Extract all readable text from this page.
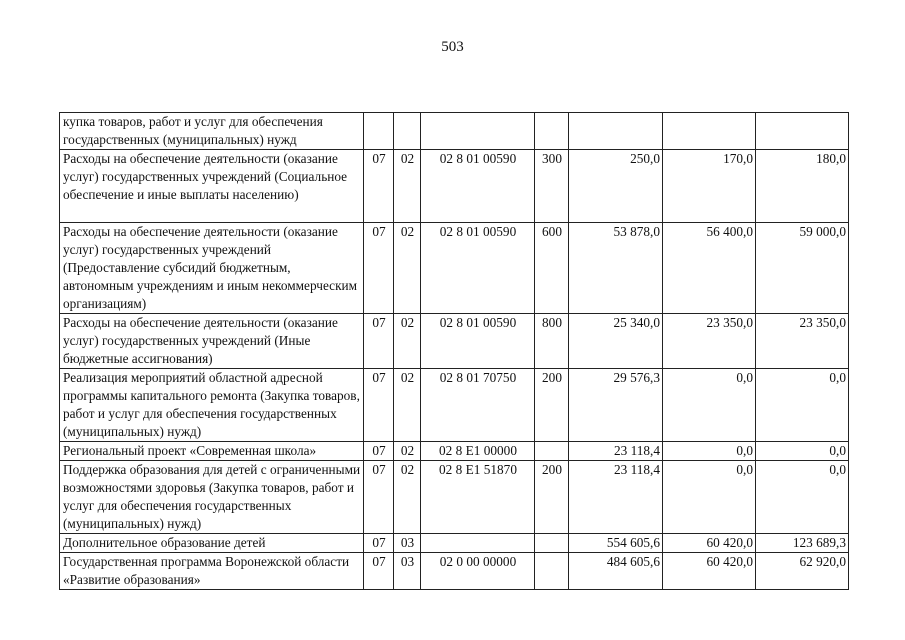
503
купка товаров, работ и услуг для обеспечения государственных (муниципальных) нужд							
Расходы на обеспечение деятельности (оказание услуг) государственных учреждений (Социальное обеспечение и иные выплаты населению)	07	02	02 8 01 00590	300	250,0	170,0	180,0
Расходы на обеспечение деятельности (оказание услуг) государственных учреждений (Предоставление субсидий бюджетным, автономным учреждениям и иным некоммерческим организациям)	07	02	02 8 01 00590	600	53 878,0	56 400,0	59 000,0
Расходы на обеспечение деятельности (оказание услуг) государственных учреждений (Иные бюджетные ассигнования)	07	02	02 8 01 00590	800	25 340,0	23 350,0	23 350,0
Реализация мероприятий областной адресной программы капитального ремонта (Закупка товаров, работ и услуг для обеспечения государственных (муниципальных) нужд)	07	02	02 8 01 70750	200	29 576,3	0,0	0,0
Региональный проект «Современная школа»	07	02	02 8 E1 00000		23 118,4	0,0	0,0
Поддержка образования для детей с ограниченными возможностями здоровья (Закупка товаров, работ и услуг для обеспечения государственных (муниципальных) нужд)	07	02	02 8 E1 51870	200	23 118,4	0,0	0,0
Дополнительное образование детей	07	03			554 605,6	60 420,0	123 689,3
Государственная программа Воронежской области «Развитие образования»	07	03	02 0 00 00000		484 605,6	60 420,0	62 920,0
